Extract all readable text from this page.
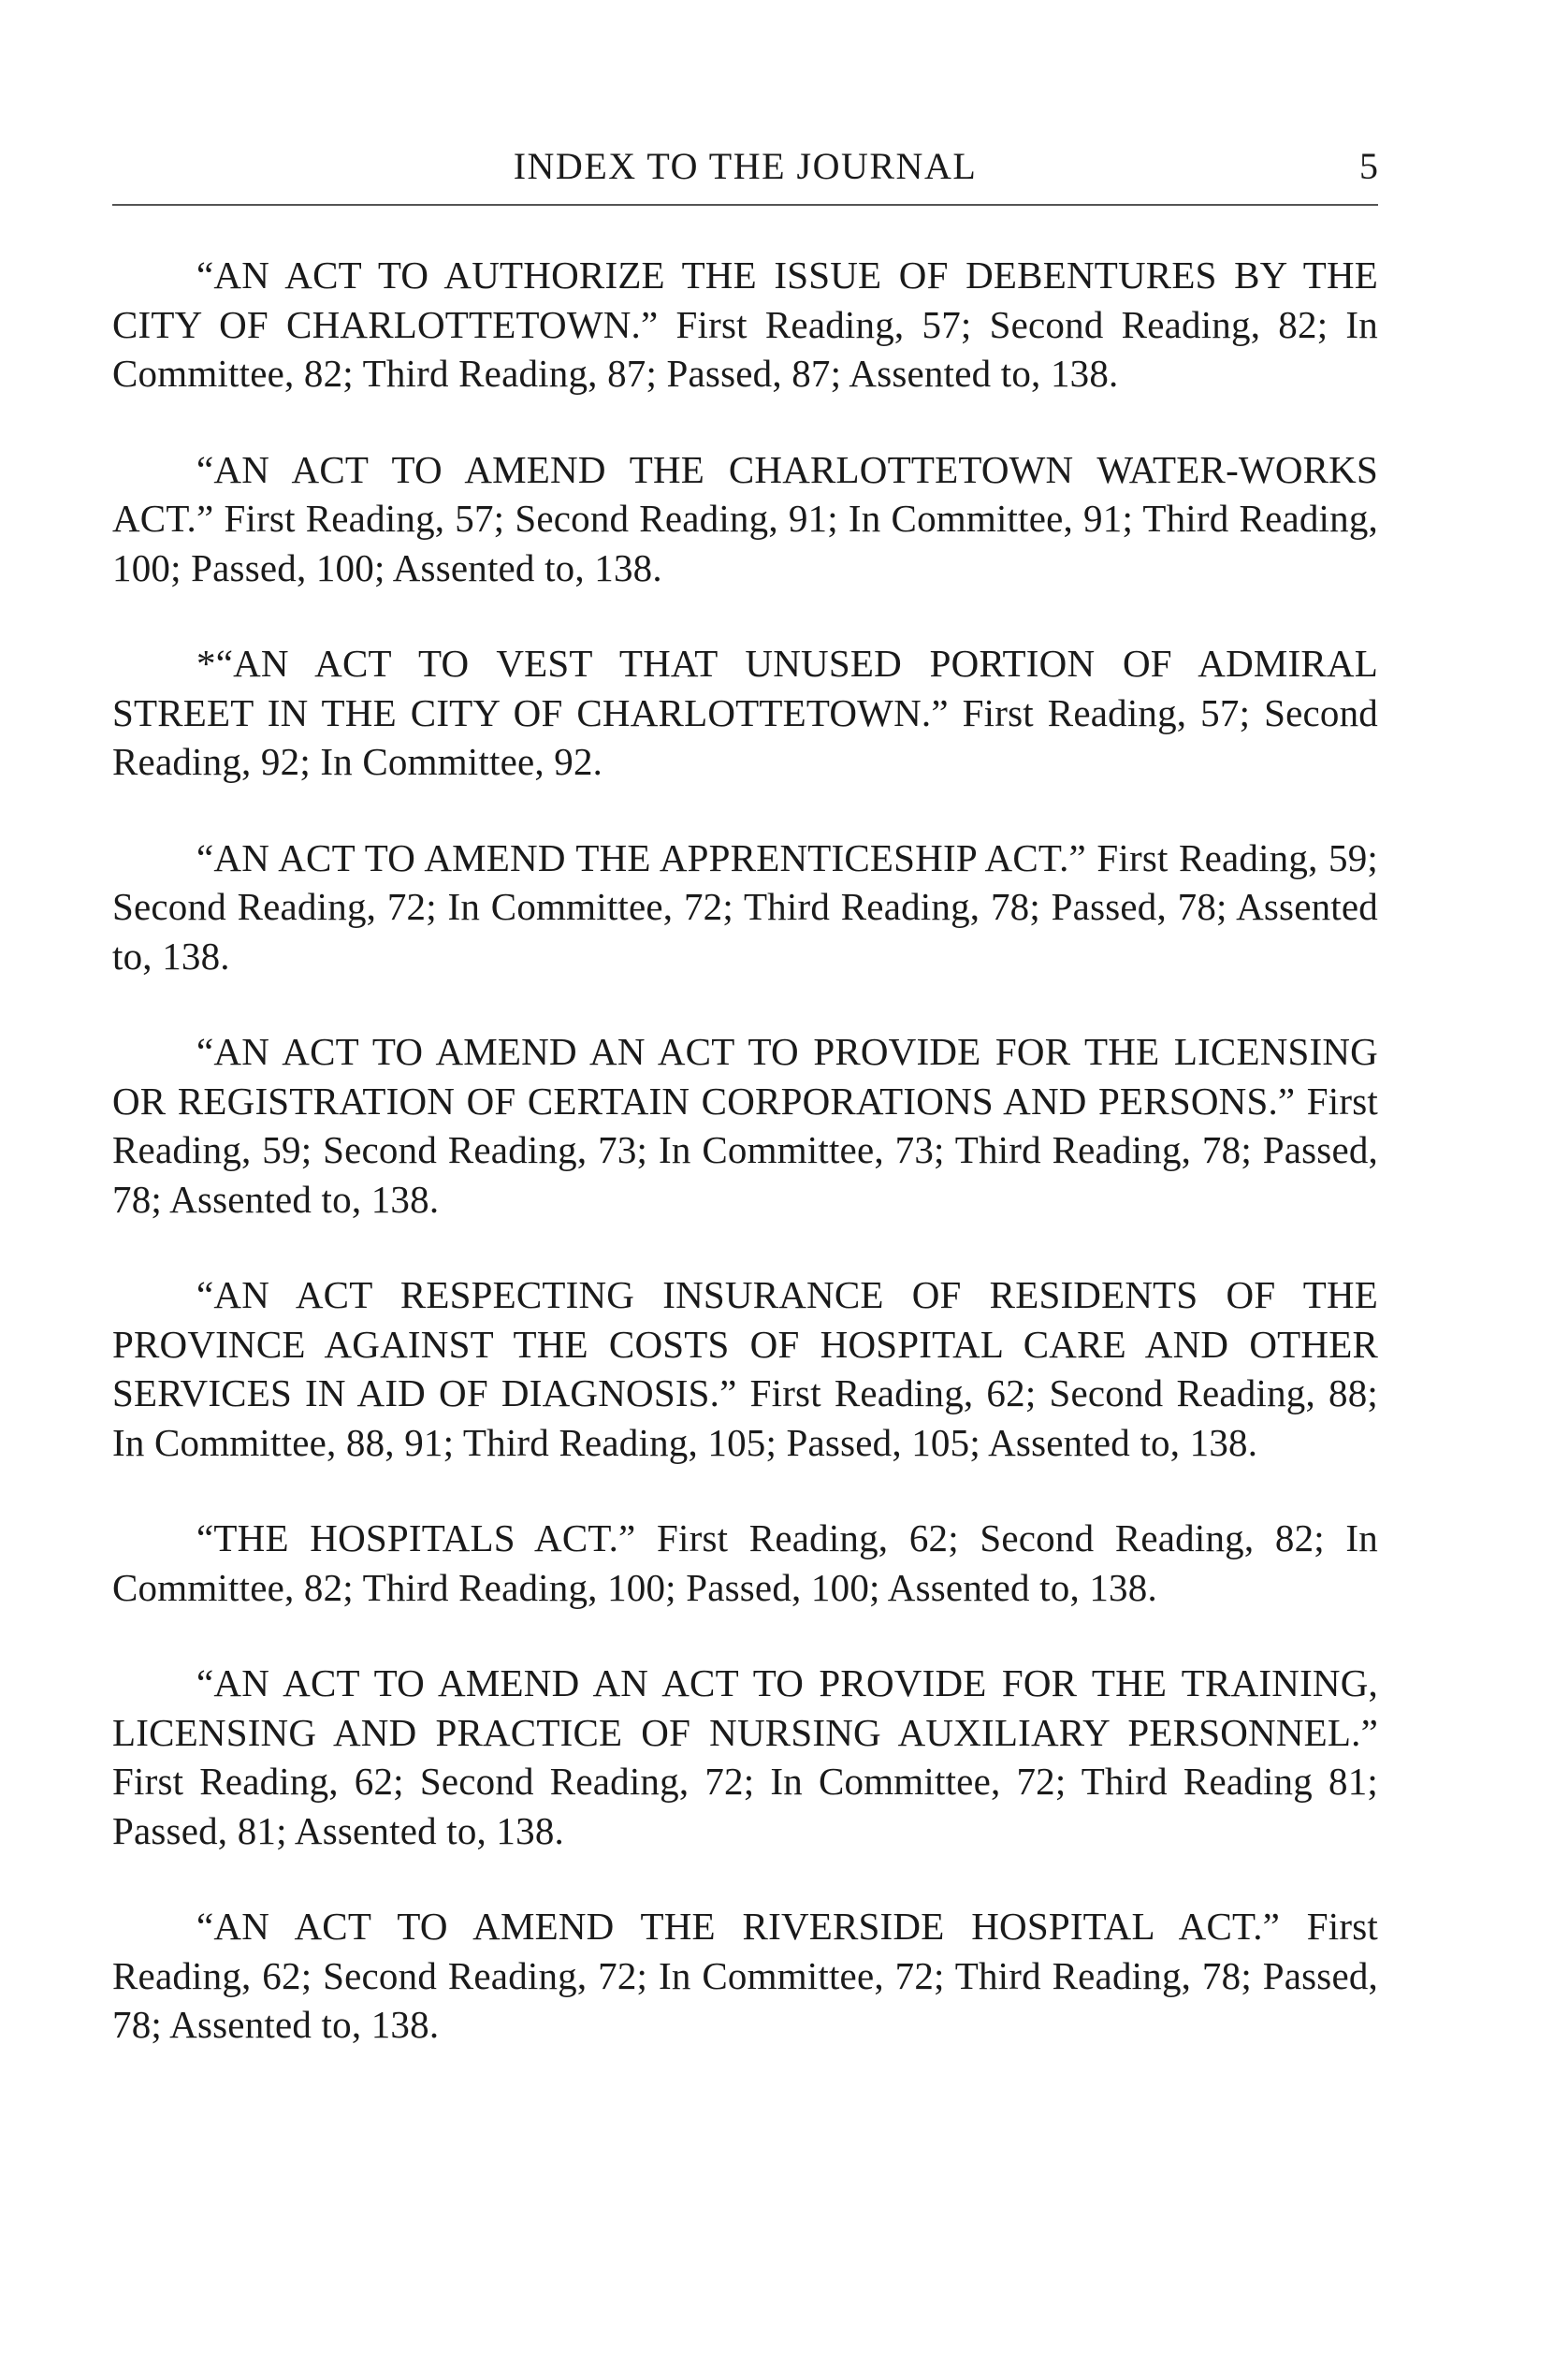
INDEX TO THE JOURNAL	5

“AN ACT TO AUTHORIZE THE ISSUE OF DEBENTURES BY THE CITY OF CHARLOTTETOWN.” First Reading, 57; Second Reading, 82; In Committee, 82; Third Reading, 87; Passed, 87; Assented to, 138.

“AN ACT TO AMEND THE CHARLOTTETOWN WATER-WORKS ACT.” First Reading, 57; Second Reading, 91; In Committee, 91; Third Reading, 100; Passed, 100; Assented to, 138.

*“AN ACT TO VEST THAT UNUSED PORTION OF ADMIRAL STREET IN THE CITY OF CHARLOTTETOWN.” First Reading, 57; Second Reading, 92; In Committee, 92.

“AN ACT TO AMEND THE APPRENTICESHIP ACT.” First Reading, 59; Second Reading, 72; In Committee, 72; Third Reading, 78; Passed, 78; Assented to, 138.

“AN ACT TO AMEND AN ACT TO PROVIDE FOR THE LICENSING OR REGISTRATION OF CERTAIN CORPORATIONS AND PERSONS.” First Reading, 59; Second Reading, 73; In Committee, 73; Third Reading, 78; Passed, 78; Assented to, 138.

“AN ACT RESPECTING INSURANCE OF RESIDENTS OF THE PROVINCE AGAINST THE COSTS OF HOSPITAL CARE AND OTHER SERVICES IN AID OF DIAGNOSIS.” First Reading, 62; Second Reading, 88; In Committee, 88, 91; Third Reading, 105; Passed, 105; Assented to, 138.

“THE HOSPITALS ACT.” First Reading, 62; Second Reading, 82; In Committee, 82; Third Reading, 100; Passed, 100; Assented to, 138.

“AN ACT TO AMEND AN ACT TO PROVIDE FOR THE TRAINING, LICENSING AND PRACTICE OF NURSING AUXILIARY PERSONNEL.” First Reading, 62; Second Reading, 72; In Committee, 72; Third Reading 81; Passed, 81; Assented to, 138.

“AN ACT TO AMEND THE RIVERSIDE HOSPITAL ACT.” First Reading, 62; Second Reading, 72; In Committee, 72; Third Reading, 78; Passed, 78; Assented to, 138.
